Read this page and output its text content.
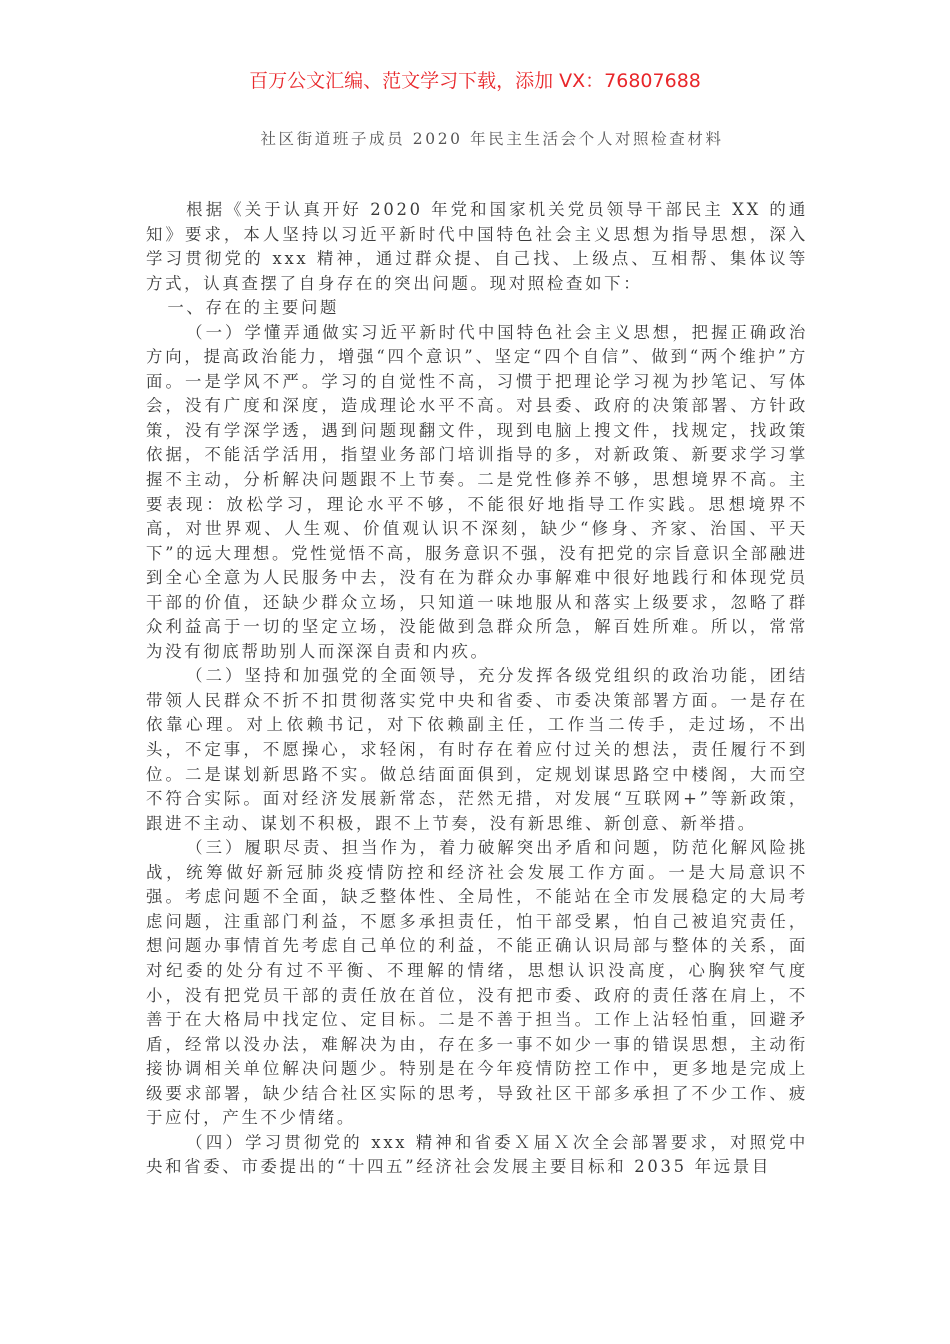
百万公文汇编、范文学习下载，添加 VX：76807688
社区街道班子成员 2020 年民主生活会个人对照检查材料

根据《关于认真开好 2020 年党和国家机关党员领导干部民主 XX 的通知》要求，本人坚持以习近平新时代中国特色社会主义思想为指导思想，深入学习贯彻党的 xxx 精神，通过群众提、自己找、上级点、互相帮、集体议等方式，认真查摆了自身存在的突出问题。现对照检查如下：

一、存在的主要问题

（一）学懂弄通做实习近平新时代中国特色社会主义思想，把握正确政治方向，提高政治能力，增强“四个意识”、坚定“四个自信”、做到“两个维护”方面。一是学风不严。学习的自觉性不高，习惯于把理论学习视为抄笔记、写体会，没有广度和深度，造成理论水平不高。对县委、政府的决策部署、方针政策，没有学深学透，遇到问题现翻文件，现到电脑上搜文件，找规定，找政策依据，不能活学活用，指望业务部门培训指导的多，对新政策、新要求学习掌握不主动，分析解决问题跟不上节奏。二是党性修养不够，思想境界不高。主要表现：放松学习，理论水平不够，不能很好地指导工作实践。思想境界不高，对世界观、人生观、价值观认识不深刻，缺少“修身、齐家、治国、平天下”的远大理想。党性觉悟不高，服务意识不强，没有把党的宗旨意识全部融进到全心全意为人民服务中去，没有在为群众办事解难中很好地践行和体现党员干部的价值，还缺少群众立场，只知道一味地服从和落实上级要求，忽略了群众利益高于一切的坚定立场，没能做到急群众所急，解百姓所难。所以，常常为没有彻底帮助别人而深深自责和内疚。

（二）坚持和加强党的全面领导，充分发挥各级党组织的政治功能，团结带领人民群众不折不扣贯彻落实党中央和省委、市委决策部署方面。一是存在依靠心理。对上依赖书记，对下依赖副主任，工作当二传手，走过场，不出头，不定事，不愿操心，求轻闲，有时存在着应付过关的想法，责任履行不到位。二是谋划新思路不实。做总结面面俱到，定规划谋思路空中楼阁，大而空不符合实际。面对经济发展新常态，茫然无措，对发展“互联网+”等新政策，跟进不主动、谋划不积极，跟不上节奏，没有新思维、新创意、新举措。

（三）履职尽责、担当作为，着力破解突出矛盾和问题，防范化解风险挑战，统筹做好新冠肺炎疫情防控和经济社会发展工作方面。一是大局意识不强。考虑问题不全面，缺乏整体性、全局性，不能站在全市发展稳定的大局考虑问题，注重部门利益，不愿多承担责任，怕干部受累，怕自己被追究责任，想问题办事情首先考虑自己单位的利益，不能正确认识局部与整体的关系，面对纪委的处分有过不平衡、不理解的情绪，思想认识没高度，心胸狭窄气度小，没有把党员干部的责任放在首位，没有把市委、政府的责任落在肩上，不善于在大格局中找定位、定目标。二是不善于担当。工作上沾轻怕重，回避矛盾，经常以没办法，难解决为由，存在多一事不如少一事的错误思想，主动衔接协调相关单位解决问题少。特别是在今年疫情防控工作中，更多地是完成上级要求部署，缺少结合社区实际的思考，导致社区干部多承担了不少工作、疲于应付，产生不少情绪。

（四）学习贯彻党的 xxx 精神和省委Ｘ届Ｘ次全会部署要求，对照党中央和省委、市委提出的“十四五”经济社会发展主要目标和 2035 年远景目
